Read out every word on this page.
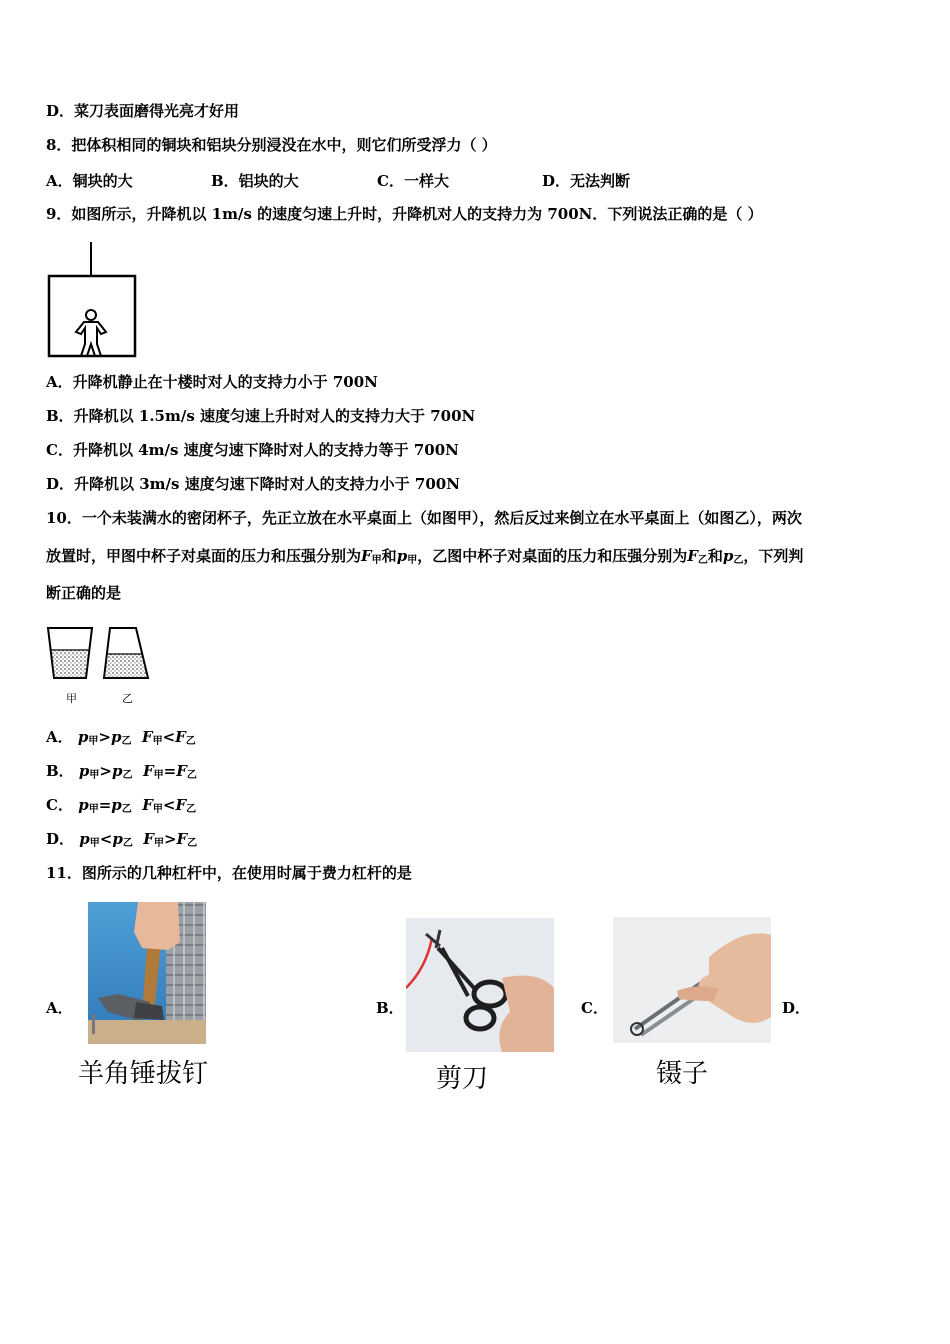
D．菜刀表面磨得光亮才好用
8．把体积相同的铜块和铝块分别浸没在水中，则它们所受浮力（ ）
A．铜块的大	B．铝块的大	C．一样大	D．无法判断
9．如图所示，升降机以 1m/s 的速度匀速上升时，升降机对人的支持力为 700N．下列说法正确的是（ ）
A．升降机静止在十楼时对人的支持力小于 700N
B．升降机以 1.5m/s 速度匀速上升时对人的支持力大于 700N
C．升降机以 4m/s 速度匀速下降时对人的支持力等于 700N
D．升降机以 3m/s 速度匀速下降时对人的支持力小于 700N
10．一个未装满水的密闭杯子，先正立放在水平桌面上（如图甲），然后反过来倒立在水平桌面上（如图乙），两次
放置时，甲图中杯子对桌面的压力和压强分别为$F_甲$和$p_甲$，乙图中杯子对桌面的压力和压强分别为$F_乙$和$p_乙$，下列判
断正确的是
甲	乙
A． $p_甲>p_乙$ $F_甲<F_乙$
B． $p_甲>p_乙$ $F_甲=F_乙$
C． $p_甲=p_乙$ $F_甲<F_乙$
D． $p_甲<p_乙$ $F_甲>F_乙$
11．图所示的几种杠杆中，在使用时属于费力杠杆的是
A．	B．	C．	D．
羊角锤拔钉	剪刀	镊子
